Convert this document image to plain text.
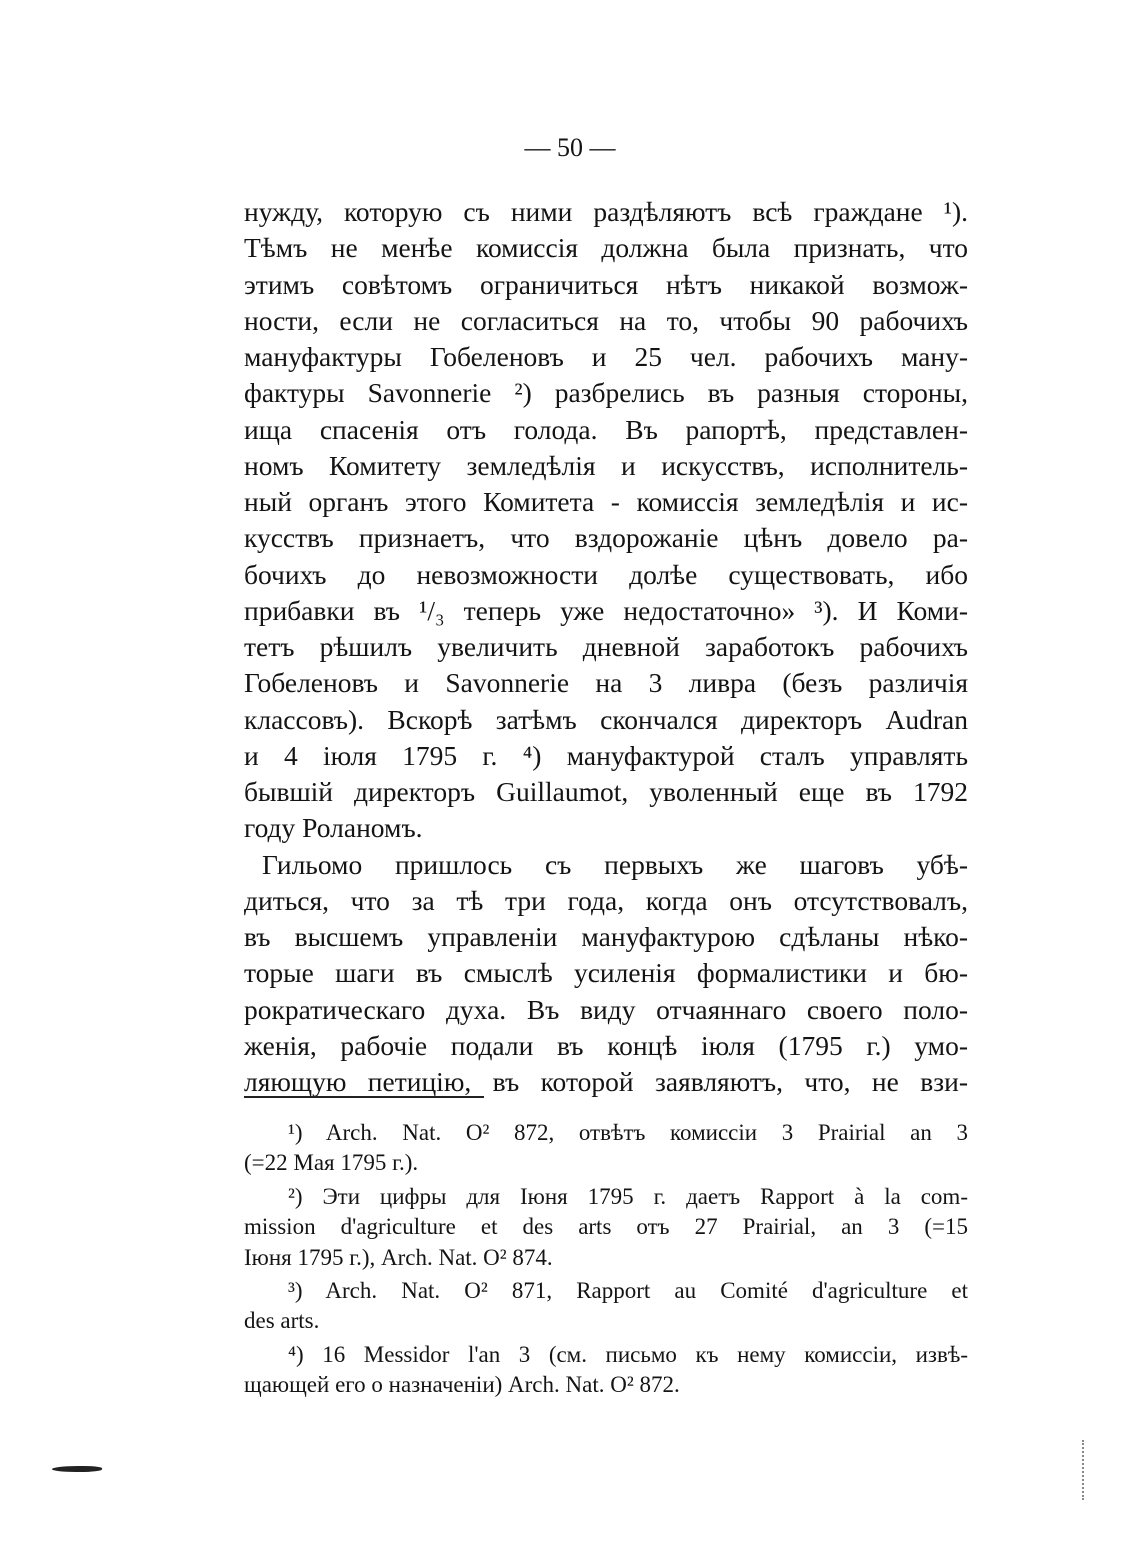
— 50 —
нужду, которую съ ними раздѣляютъ всѣ граждане ¹).
Тѣмъ не менѣе комиссія должна была признать, что
этимъ совѣтомъ ограничиться нѣтъ никакой возмож-
ности, если не согласиться на то, чтобы 90 рабочихъ
мануфактуры Гобеленовъ и 25 чел. рабочихъ ману-
фактуры Savonnerie ²) разбрелись въ разныя стороны,
ища спасенія отъ голода. Въ рапортѣ, представлен-
номъ Комитету земледѣлія и искусствъ, исполнитель-
ный органъ этого Комитета - комиссія земледѣлія и ис-
кусствъ признаетъ, что вздорожаніе цѣнъ довело ра-
бочихъ до невозможности долѣе существовать, ибо
прибавки въ ¹/₃ теперь уже недостаточно» ³). И Коми-
тетъ рѣшилъ увеличить дневной заработокъ рабочихъ
Гобеленовъ и Savonnerie на 3 ливра (безъ различія
классовъ). Вскорѣ затѣмъ скончался директоръ Audran
и 4 іюля 1795 г. ⁴) мануфактурой сталъ управлять
бывшій директоръ Guillaumot, уволенный еще въ 1792
году Роланомъ.
Гильомо пришлось съ первыхъ же шаговъ убѣ-
диться, что за тѣ три года, когда онъ отсутствовалъ,
въ высшемъ управленіи мануфактурою сдѣланы нѣко-
торые шаги въ смыслѣ усиленія формалистики и бю-
рократическаго духа. Въ виду отчаяннаго своего поло-
женія, рабочіе подали въ концѣ іюля (1795 г.) умо-
ляющую петицію, въ которой заявляютъ, что, не взи-
¹) Arch. Nat. O² 872, отвѣтъ комиссіи 3 Prairial an 3
(=22 Мая 1795 г.).
²) Эти цифры для Іюня 1795 г. даетъ Rapport à la com-
mission d'agriculture et des arts отъ 27 Prairial, an 3 (=15
Іюня 1795 г.), Arch. Nat. O² 874.
³) Arch. Nat. O² 871, Rapport au Comité d'agriculture et
des arts.
⁴) 16 Messidor l'an 3 (см. письмо къ нему комиссіи, извѣ-
щающей его о назначеніи) Arch. Nat. O² 872.
